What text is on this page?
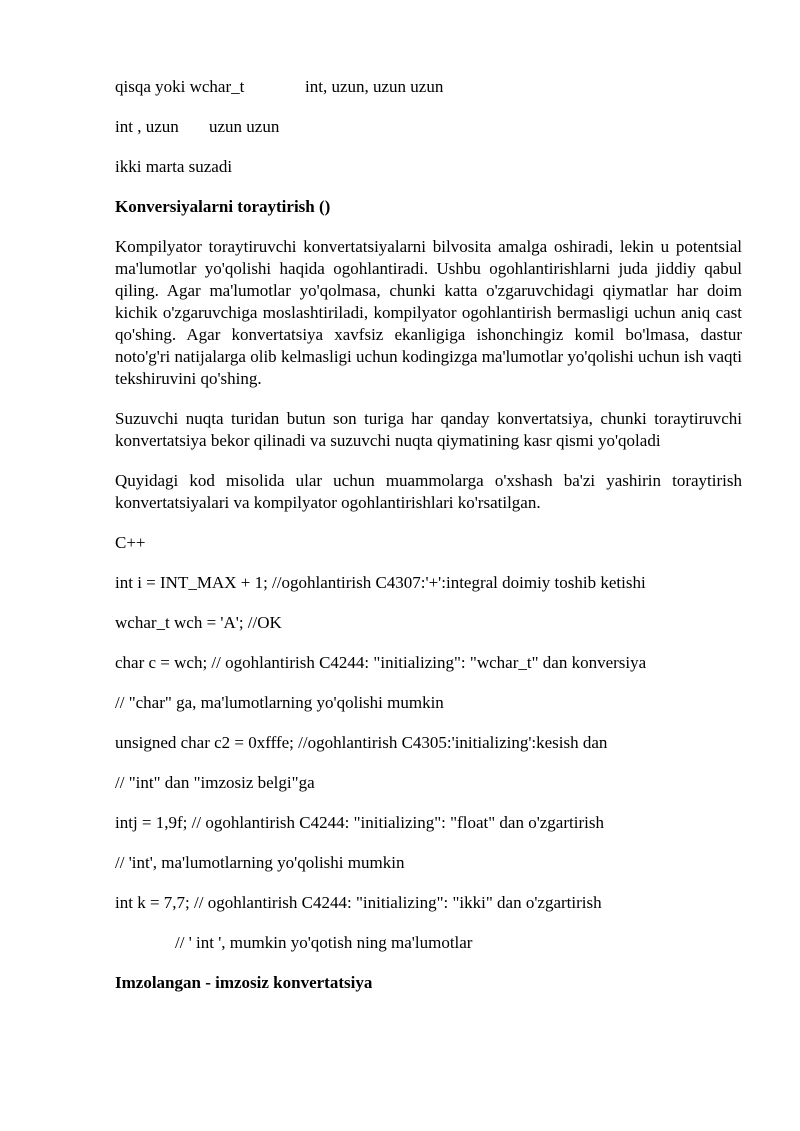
qisqa yoki wchar_t	int, uzun, uzun uzun
int , uzun	uzun uzun

ikki marta suzadi

Konversiyalarni toraytirish ()

Kompilyator toraytiruvchi konvertatsiyalarni bilvosita amalga oshiradi, lekin u potentsial ma'lumotlar yo'qolishi haqida ogohlantiradi. Ushbu ogohlantirishlarni juda jiddiy qabul qiling. Agar ma'lumotlar yo'qolmasa, chunki katta o'zgaruvchidagi qiymatlar har doim kichik o'zgaruvchiga moslashtiriladi, kompilyator ogohlantirish bermasligi uchun aniq cast qo'shing. Agar konvertatsiya xavfsiz ekanligiga ishonchingiz komil bo'lmasa, dastur noto'g'ri natijalarga olib kelmasligi uchun kodingizga ma'lumotlar yo'qolishi uchun ish vaqti tekshiruvini qo'shing.

Suzuvchi nuqta turidan butun son turiga har qanday konvertatsiya, chunki toraytiruvchi konvertatsiya bekor qilinadi va suzuvchi nuqta qiymatining kasr qismi yo'qoladi

Quyidagi kod misolida ular uchun muammolarga o'xshash ba'zi yashirin toraytirish konvertatsiyalari va kompilyator ogohlantirishlari ko'rsatilgan.

C++

int i = INT_MAX + 1; //ogohlantirish C4307:'+':integral doimiy toshib ketishi

wchar_t wch = 'A'; //OK

char c = wch; // ogohlantirish C4244: "initializing": "wchar_t" dan konversiya

// "char" ga, ma'lumotlarning yo'qolishi mumkin

unsigned char c2 = 0xfffe; //ogohlantirish C4305:'initializing':kesish dan

// "int" dan "imzosiz belgi"ga

intj = 1,9f; // ogohlantirish C4244: "initializing": "float" dan o'zgartirish

// 'int', ma'lumotlarning yo'qolishi mumkin

int k = 7,7; // ogohlantirish C4244: "initializing": "ikki" dan o'zgartirish

// ' int ', mumkin yo'qotish ning ma'lumotlar

Imzolangan - imzosiz konvertatsiya
